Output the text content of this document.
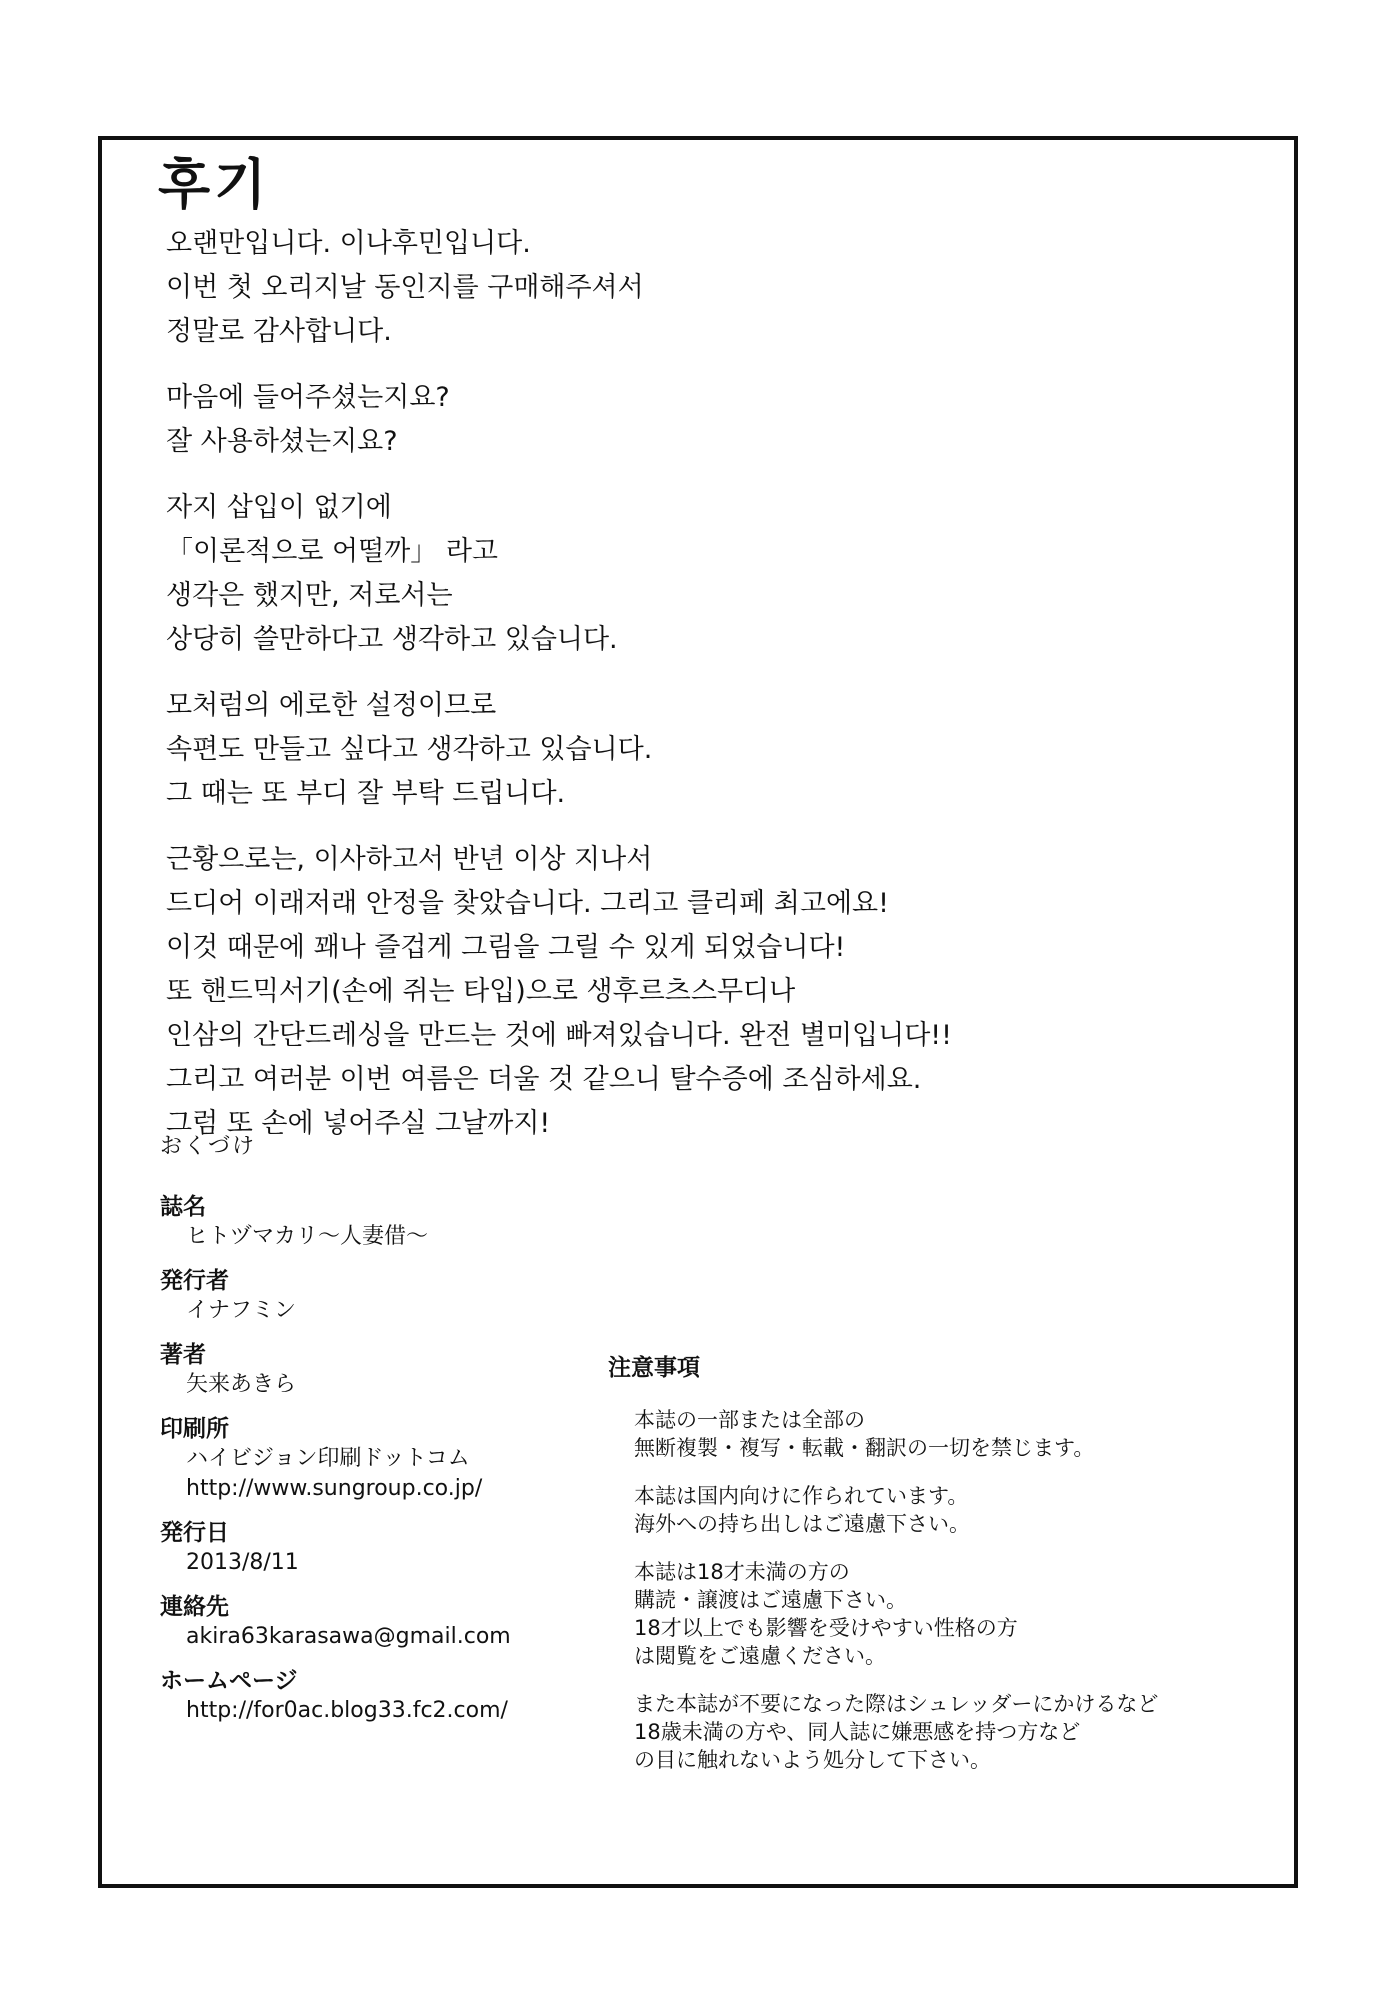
후기
오랜만입니다. 이나후민입니다.
이번 첫 오리지날 동인지를 구매해주셔서
정말로 감사합니다.
마음에 들어주셨는지요?
잘 사용하셨는지요?
자지 삽입이 없기에
「이론적으로 어떨까」 라고
생각은 했지만, 저로서는
상당히 쓸만하다고 생각하고 있습니다.
모처럼의 에로한 설정이므로
속편도 만들고 싶다고 생각하고 있습니다.
그 때는 또 부디 잘 부탁 드립니다.
근황으로는, 이사하고서 반년 이상 지나서
드디어 이래저래 안정을 찾았습니다. 그리고 클리페 최고에요!
이것 때문에 꽤나 즐겁게 그림을 그릴 수 있게 되었습니다!
또 핸드믹서기(손에 쥐는 타입)으로 생후르츠스무디나
인삼의 간단드레싱을 만드는 것에 빠져있습니다. 완전 별미입니다!!
그리고 여러분 이번 여름은 더울 것 같으니 탈수증에 조심하세요.
그럼 또 손에 넣어주실 그날까지!
おくづけ
誌名
ヒトヅマカリ〜人妻借〜
発行者
イナフミン
著者
矢来あきら
印刷所
ハイビジョン印刷ドットコム
http://www.sungroup.co.jp/
発行日
2013/8/11
連絡先
akira63karasawa@gmail.com
ホームページ
http://for0ac.blog33.fc2.com/
注意事項
本誌の一部または全部の
無断複製・複写・転載・翻訳の一切を禁じます。
本誌は国内向けに作られています。
海外への持ち出しはご遠慮下さい。
本誌は18才未満の方の
購読・譲渡はご遠慮下さい。
18才以上でも影響を受けやすい性格の方
は閲覧をご遠慮ください。
また本誌が不要になった際はシュレッダーにかけるなど
18歳未満の方や、同人誌に嫌悪感を持つ方など
の目に触れないよう処分して下さい。
